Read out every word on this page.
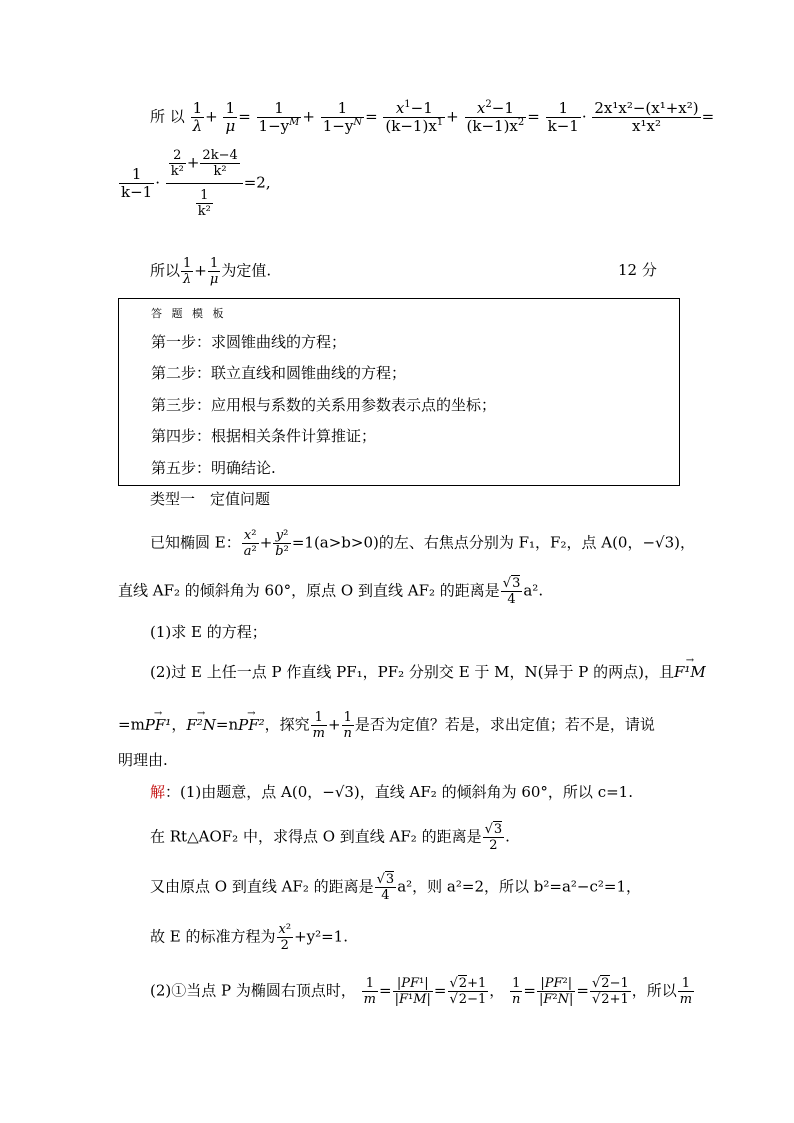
所 以 $\frac{1}{\lambda} + \frac{1}{\mu} = \frac{1}{1-y^M} + \frac{1}{1-y^N} = \frac{x^1-1}{(k-1)x^1} + \frac{x^2-1}{(k-1)x^2} = \frac{1}{k-1} \cdot \frac{\text{2x¹x²−(x¹+x²)}}{\text{x¹x²}}$ =
$\frac{1}{k-1} \cdot \frac{\frac{2}{\text{k²}} + \frac{2k-4}{\text{k²}}}{\frac{1}{\text{k²}}} =2$,
所以 $\frac{1}{\lambda} + \frac{1}{\mu}$ 为定值.	12 分
答 题 模 板
第一步：求圆锥曲线的方程；
第二步：联立直线和圆锥曲线的方程；
第三步：应用根与系数的关系用参数表示点的坐标；
第四步：根据相关条件计算推证；
第五步：明确结论.
类型一　定值问题
已知椭圆 E： $\frac{\text{x²}}{\text{a²}} + \frac{\text{y²}}{\text{b²}} =1(a>b>0)$的左、右焦点分别为 F₁，F₂，点 A(0，−√3)，
直线 AF₂ 的倾斜角为 60°，原点 O 到直线 AF₂ 的距离是 $\frac{√3}{4} a^2$.
(1)求 E 的方程；
(2)过 E 上任一点 P 作直线 PF₁，PF₂ 分别交 E 于 M，N(异于 P 的两点)，且→ F¹M
=m→ PF¹，→ F²N=n→ PF²，探究 $\frac{1}{m} + \frac{1}{n}$ 是否为定值？若是，求出定值；若不是，请说
明理由.
解：(1)由题意，点 A(0，−√3)，直线 AF₂ 的倾斜角为 60°，所以 c=1.
在 Rt△AOF₂ 中，求得点 O 到直线 AF₂ 的距离是 $\frac{√3}{2}$ .
又由原点 O 到直线 AF₂ 的距离是 $\frac{√3}{4} a^2$，则 a²=2，所以 b²=a²−c²=1，
故 E 的标准方程为 $\frac{\text{x²}}{2} +y^2=1$.
(2)①当点 P 为椭圆右顶点时， $\frac{1}{m} = \frac{\text{|PF¹|}}{\text{|F¹M|}} = \frac{√2+1}{√2-1}$ ， $\frac{1}{n} = \frac{\text{|PF²|}}{\text{|F²N|}} = \frac{√2-1}{√2+1}$ ，所以 $\frac{1}{m}$
